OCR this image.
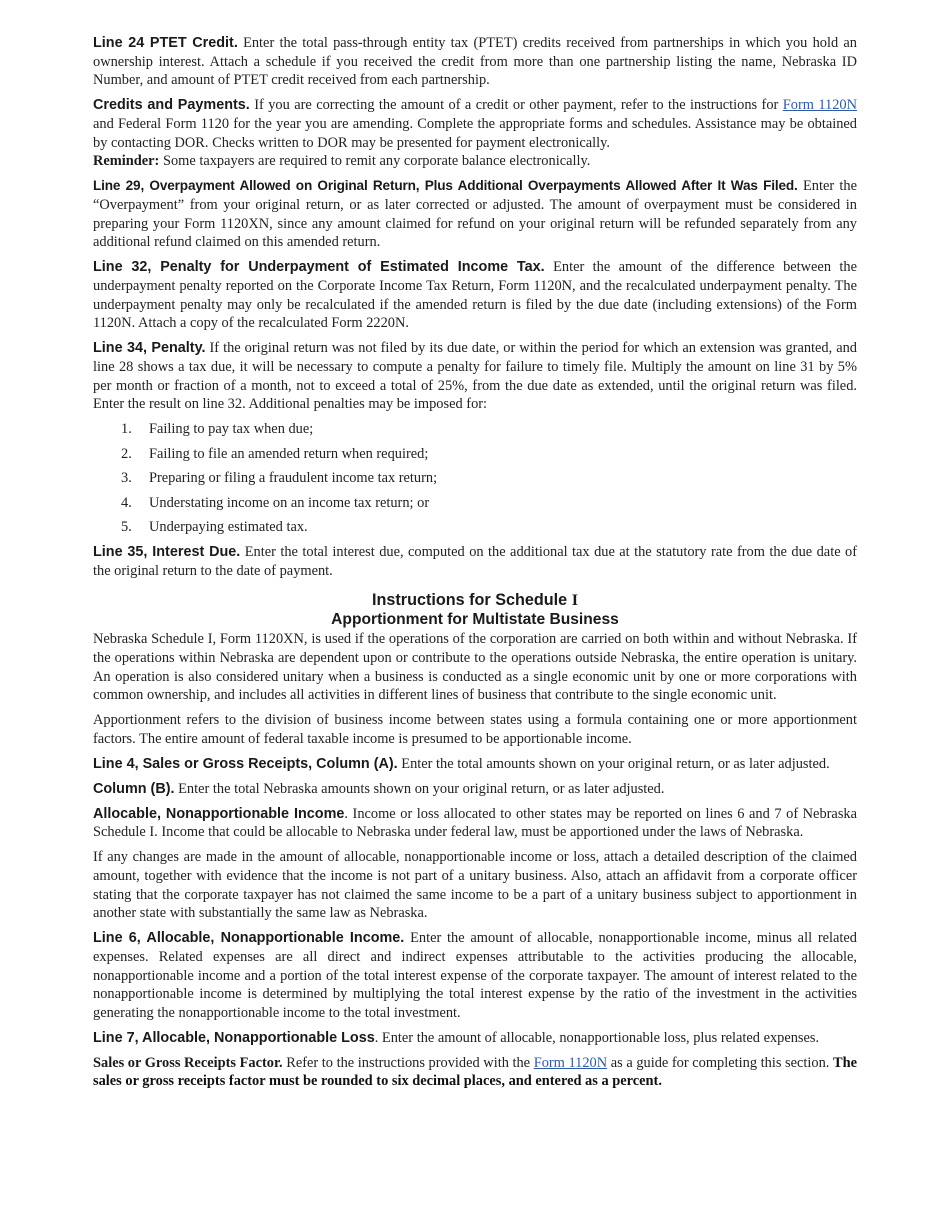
Line 24 PTET Credit. Enter the total pass-through entity tax (PTET) credits received from partnerships in which you hold an ownership interest. Attach a schedule if you received the credit from more than one partnership listing the name, Nebraska ID Number, and amount of PTET credit received from each partnership.

Credits and Payments. If you are correcting the amount of a credit or other payment, refer to the instructions for Form 1120N and Federal Form 1120 for the year you are amending. Complete the appropriate forms and schedules. Assistance may be obtained by contacting DOR. Checks written to DOR may be presented for payment electronically.
Reminder: Some taxpayers are required to remit any corporate balance electronically.

Line 29, Overpayment Allowed on Original Return, Plus Additional Overpayments Allowed After It Was Filed. Enter the “Overpayment” from your original return, or as later corrected or adjusted. The amount of overpayment must be considered in preparing your Form 1120XN, since any amount claimed for refund on your original return will be refunded separately from any additional refund claimed on this amended return.

Line 32, Penalty for Underpayment of Estimated Income Tax. Enter the amount of the difference between the underpayment penalty reported on the Corporate Income Tax Return, Form 1120N, and the recalculated underpayment penalty. The underpayment penalty may only be recalculated if the amended return is filed by the due date (including extensions) of the Form 1120N. Attach a copy of the recalculated Form 2220N.

Line 34, Penalty. If the original return was not filed by its due date, or within the period for which an extension was granted, and line 28 shows a tax due, it will be necessary to compute a penalty for failure to timely file. Multiply the amount on line 31 by 5% per month or fraction of a month, not to exceed a total of 25%, from the due date as extended, until the original return was filed. Enter the result on line 32. Additional penalties may be imposed for:

1. Failing to pay tax when due;
2. Failing to file an amended return when required;
3. Preparing or filing a fraudulent income tax return;
4. Understating income on an income tax return; or
5. Underpaying estimated tax.

Line 35, Interest Due. Enter the total interest due, computed on the additional tax due at the statutory rate from the due date of the original return to the date of payment.

Instructions for Schedule I
Apportionment for Multistate Business

Nebraska Schedule I, Form 1120XN, is used if the operations of the corporation are carried on both within and without Nebraska. If the operations within Nebraska are dependent upon or contribute to the operations outside Nebraska, the entire operation is unitary. An operation is also considered unitary when a business is conducted as a single economic unit by one or more corporations with common ownership, and includes all activities in different lines of business that contribute to the single economic unit.

Apportionment refers to the division of business income between states using a formula containing one or more apportionment factors. The entire amount of federal taxable income is presumed to be apportionable income.

Line 4, Sales or Gross Receipts, Column (A). Enter the total amounts shown on your original return, or as later adjusted.

Column (B). Enter the total Nebraska amounts shown on your original return, or as later adjusted.

Allocable, Nonapportionable Income. Income or loss allocated to other states may be reported on lines 6 and 7 of Nebraska Schedule I. Income that could be allocable to Nebraska under federal law, must be apportioned under the laws of Nebraska.

If any changes are made in the amount of allocable, nonapportionable income or loss, attach a detailed description of the claimed amount, together with evidence that the income is not part of a unitary business. Also, attach an affidavit from a corporate officer stating that the corporate taxpayer has not claimed the same income to be a part of a unitary business subject to apportionment in another state with substantially the same law as Nebraska.

Line 6, Allocable, Nonapportionable Income. Enter the amount of allocable, nonapportionable income, minus all related expenses. Related expenses are all direct and indirect expenses attributable to the activities producing the allocable, nonapportionable income and a portion of the total interest expense of the corporate taxpayer. The amount of interest related to the nonapportionable income is determined by multiplying the total interest expense by the ratio of the investment in the activities generating the nonapportionable income to the total investment.

Line 7, Allocable, Nonapportionable Loss. Enter the amount of allocable, nonapportionable loss, plus related expenses.

Sales or Gross Receipts Factor. Refer to the instructions provided with the Form 1120N as a guide for completing this section. The sales or gross receipts factor must be rounded to six decimal places, and entered as a percent.
